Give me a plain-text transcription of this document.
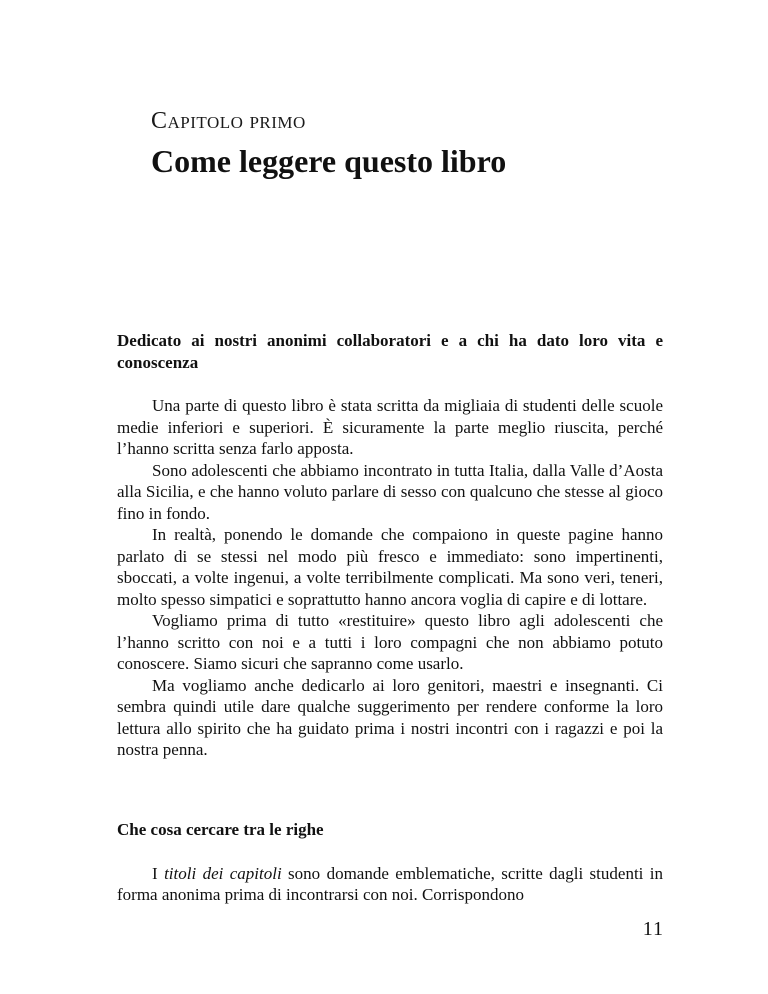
CAPITOLO PRIMO
Come leggere questo libro

Dedicato ai nostri anonimi collaboratori e a chi ha dato loro vita e conoscenza

Una parte di questo libro è stata scritta da migliaia di studenti delle scuole medie inferiori e superiori. È sicuramente la parte meglio riuscita, perché l’hanno scritta senza farlo apposta.

Sono adolescenti che abbiamo incontrato in tutta Italia, dalla Valle d’Aosta alla Sicilia, e che hanno voluto parlare di sesso con qualcuno che stesse al gioco fino in fondo.

In realtà, ponendo le domande che compaiono in queste pagine hanno parlato di se stessi nel modo più fresco e immediato: sono impertinenti, sboccati, a volte ingenui, a volte terribilmente complicati. Ma sono veri, teneri, molto spesso simpatici e soprattutto hanno ancora voglia di capire e di lottare.

Vogliamo prima di tutto «restituire» questo libro agli adolescenti che l’hanno scritto con noi e a tutti i loro compagni che non abbiamo potuto conoscere. Siamo sicuri che sapranno come usarlo.

Ma vogliamo anche dedicarlo ai loro genitori, maestri e insegnanti. Ci sembra quindi utile dare qualche suggerimento per rendere conforme la loro lettura allo spirito che ha guidato prima i nostri incontri con i ragazzi e poi la nostra penna.

Che cosa cercare tra le righe

I titoli dei capitoli sono domande emblematiche, scritte dagli studenti in forma anonima prima di incontrarsi con noi. Corrispondono

11
